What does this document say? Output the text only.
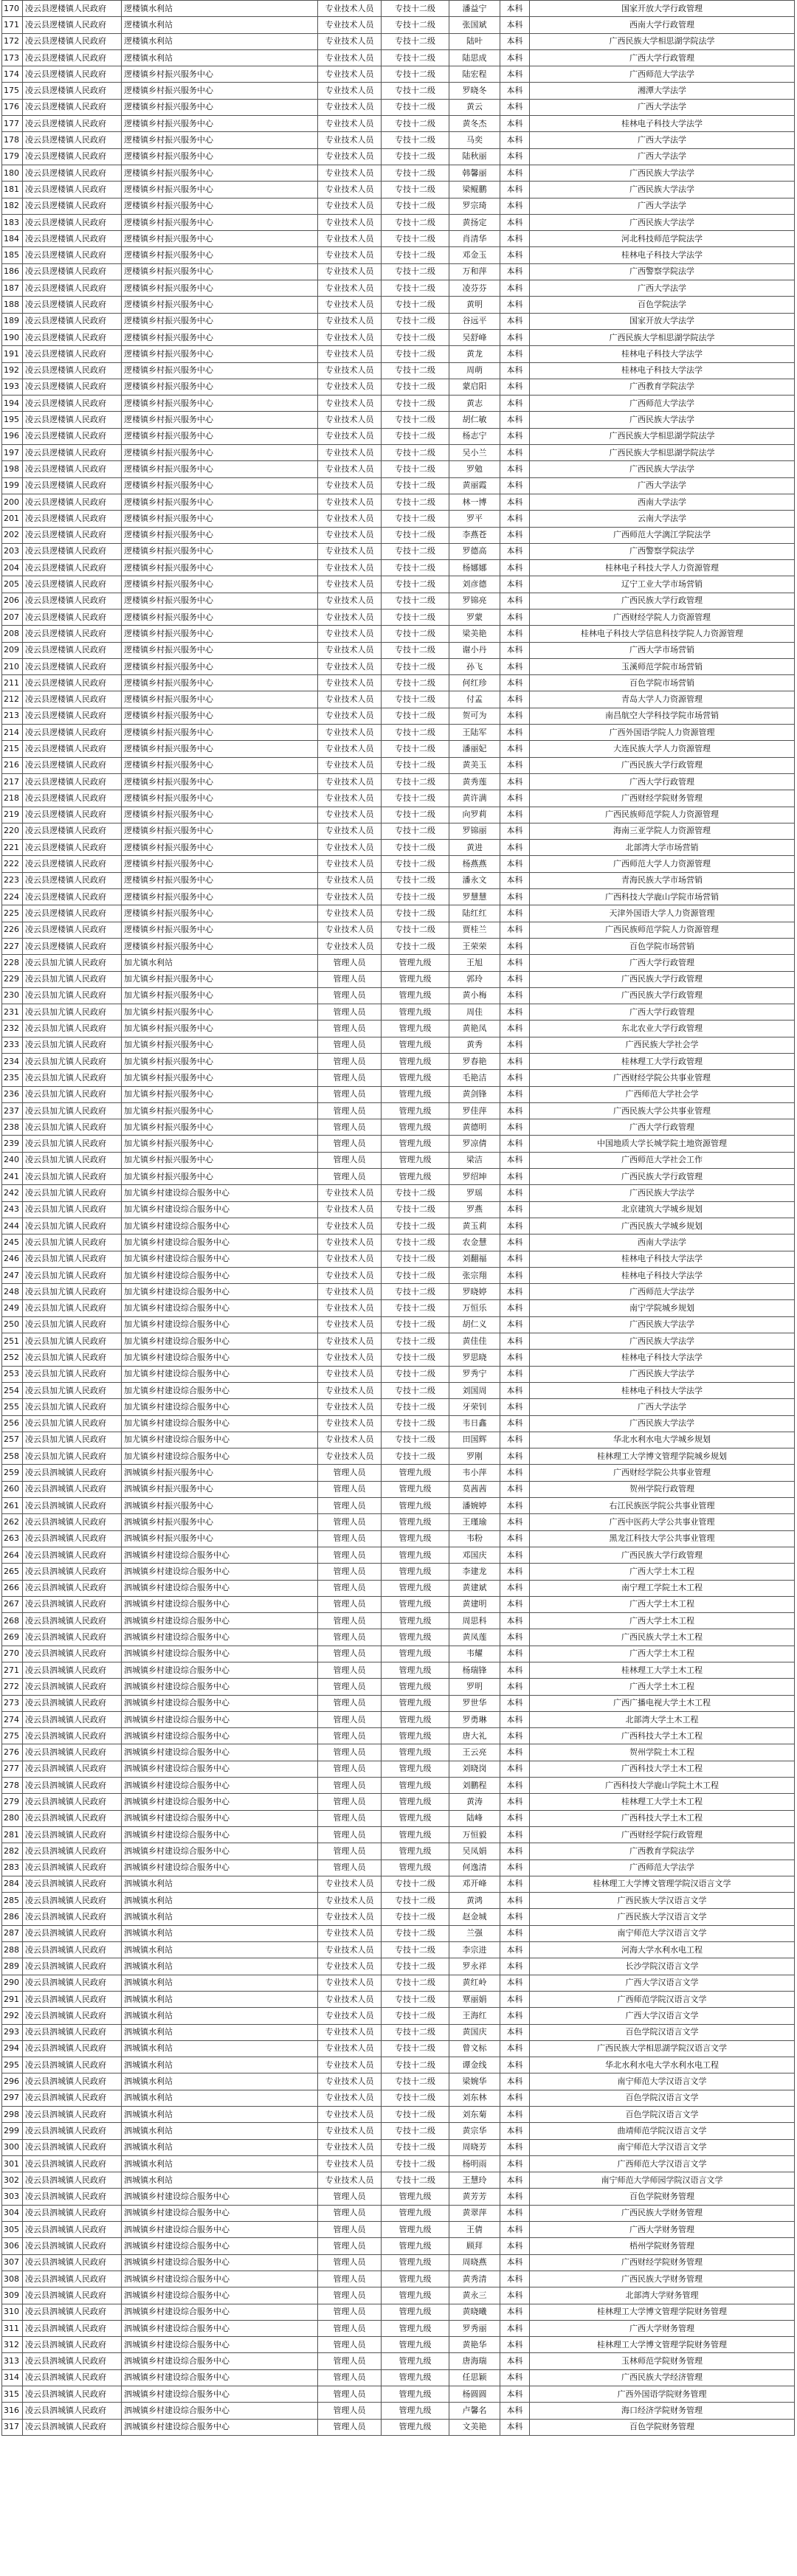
170	凌云县逻楼镇人民政府	逻楼镇水利站	专业技术人员	专技十二级	潘益宁	本科	国家开放大学行政管理
171	凌云县逻楼镇人民政府	逻楼镇水利站	专业技术人员	专技十二级	张国斌	本科	西南大学行政管理
172	凌云县逻楼镇人民政府	逻楼镇水利站	专业技术人员	专技十二级	陆叶	本科	广西民族大学相思湖学院法学
173	凌云县逻楼镇人民政府	逻楼镇水利站	专业技术人员	专技十二级	陆思成	本科	广西大学行政管理
174	凌云县逻楼镇人民政府	逻楼镇乡村振兴服务中心	专业技术人员	专技十二级	陆宏程	本科	广西师范大学法学
175	凌云县逻楼镇人民政府	逻楼镇乡村振兴服务中心	专业技术人员	专技十二级	罗晓冬	本科	湘潭大学法学
176	凌云县逻楼镇人民政府	逻楼镇乡村振兴服务中心	专业技术人员	专技十二级	黄云	本科	广西大学法学
177	凌云县逻楼镇人民政府	逻楼镇乡村振兴服务中心	专业技术人员	专技十二级	黄冬杰	本科	桂林电子科技大学法学
178	凌云县逻楼镇人民政府	逻楼镇乡村振兴服务中心	专业技术人员	专技十二级	马奕	本科	广西大学法学
179	凌云县逻楼镇人民政府	逻楼镇乡村振兴服务中心	专业技术人员	专技十二级	陆秋丽	本科	广西大学法学
180	凌云县逻楼镇人民政府	逻楼镇乡村振兴服务中心	专业技术人员	专技十二级	韩馨丽	本科	广西民族大学法学
181	凌云县逻楼镇人民政府	逻楼镇乡村振兴服务中心	专业技术人员	专技十二级	梁鲲鹏	本科	广西民族大学法学
182	凌云县逻楼镇人民政府	逻楼镇乡村振兴服务中心	专业技术人员	专技十二级	罗宗琦	本科	广西大学法学
183	凌云县逻楼镇人民政府	逻楼镇乡村振兴服务中心	专业技术人员	专技十二级	黄扬定	本科	广西民族大学法学
184	凌云县逻楼镇人民政府	逻楼镇乡村振兴服务中心	专业技术人员	专技十二级	肖清华	本科	河北科技师范学院法学
185	凌云县逻楼镇人民政府	逻楼镇乡村振兴服务中心	专业技术人员	专技十二级	邓金玉	本科	桂林电子科技大学法学
186	凌云县逻楼镇人民政府	逻楼镇乡村振兴服务中心	专业技术人员	专技十二级	万和萍	本科	广西警察学院法学
187	凌云县逻楼镇人民政府	逻楼镇乡村振兴服务中心	专业技术人员	专技十二级	凌芬芬	本科	广西大学法学
188	凌云县逻楼镇人民政府	逻楼镇乡村振兴服务中心	专业技术人员	专技十二级	黄明	本科	百色学院法学
189	凌云县逻楼镇人民政府	逻楼镇乡村振兴服务中心	专业技术人员	专技十二级	谷远平	本科	国家开放大学法学
190	凌云县逻楼镇人民政府	逻楼镇乡村振兴服务中心	专业技术人员	专技十二级	吴舒峰	本科	广西民族大学相思湖学院法学
191	凌云县逻楼镇人民政府	逻楼镇乡村振兴服务中心	专业技术人员	专技十二级	黄龙	本科	桂林电子科技大学法学
192	凌云县逻楼镇人民政府	逻楼镇乡村振兴服务中心	专业技术人员	专技十二级	周萌	本科	桂林电子科技大学法学
193	凌云县逻楼镇人民政府	逻楼镇乡村振兴服务中心	专业技术人员	专技十二级	蒙启阳	本科	广西教育学院法学
194	凌云县逻楼镇人民政府	逻楼镇乡村振兴服务中心	专业技术人员	专技十二级	黄志	本科	广西师范大学法学
195	凌云县逻楼镇人民政府	逻楼镇乡村振兴服务中心	专业技术人员	专技十二级	胡仁敏	本科	广西民族大学法学
196	凌云县逻楼镇人民政府	逻楼镇乡村振兴服务中心	专业技术人员	专技十二级	杨志宁	本科	广西民族大学相思湖学院法学
197	凌云县逻楼镇人民政府	逻楼镇乡村振兴服务中心	专业技术人员	专技十二级	吴小兰	本科	广西民族大学相思湖学院法学
198	凌云县逻楼镇人民政府	逻楼镇乡村振兴服务中心	专业技术人员	专技十二级	罗勉	本科	广西民族大学法学
199	凌云县逻楼镇人民政府	逻楼镇乡村振兴服务中心	专业技术人员	专技十二级	黄丽霞	本科	广西大学法学
200	凌云县逻楼镇人民政府	逻楼镇乡村振兴服务中心	专业技术人员	专技十二级	林一博	本科	西南大学法学
201	凌云县逻楼镇人民政府	逻楼镇乡村振兴服务中心	专业技术人员	专技十二级	罗平	本科	云南大学法学
202	凌云县逻楼镇人民政府	逻楼镇乡村振兴服务中心	专业技术人员	专技十二级	李燕苍	本科	广西师范大学漓江学院法学
203	凌云县逻楼镇人民政府	逻楼镇乡村振兴服务中心	专业技术人员	专技十二级	罗德高	本科	广西警察学院法学
204	凌云县逻楼镇人民政府	逻楼镇乡村振兴服务中心	专业技术人员	专技十二级	杨娜娜	本科	桂林电子科技大学人力资源管理
205	凌云县逻楼镇人民政府	逻楼镇乡村振兴服务中心	专业技术人员	专技十二级	刘彦德	本科	辽宁工业大学市场营销
206	凌云县逻楼镇人民政府	逻楼镇乡村振兴服务中心	专业技术人员	专技十二级	罗锦亮	本科	广西民族大学行政管理
207	凌云县逻楼镇人民政府	逻楼镇乡村振兴服务中心	专业技术人员	专技十二级	罗蒙	本科	广西财经学院人力资源管理
208	凌云县逻楼镇人民政府	逻楼镇乡村振兴服务中心	专业技术人员	专技十二级	梁美艳	本科	桂林电子科技大学信息科技学院人力资源管理
209	凌云县逻楼镇人民政府	逻楼镇乡村振兴服务中心	专业技术人员	专技十二级	谢小丹	本科	广西大学市场营销
210	凌云县逻楼镇人民政府	逻楼镇乡村振兴服务中心	专业技术人员	专技十二级	孙飞	本科	玉溪师范学院市场营销
211	凌云县逻楼镇人民政府	逻楼镇乡村振兴服务中心	专业技术人员	专技十二级	何红珍	本科	百色学院市场营销
212	凌云县逻楼镇人民政府	逻楼镇乡村振兴服务中心	专业技术人员	专技十二级	付孟	本科	青岛大学人力资源管理
213	凌云县逻楼镇人民政府	逻楼镇乡村振兴服务中心	专业技术人员	专技十二级	贺可为	本科	南昌航空大学科技学院市场营销
214	凌云县逻楼镇人民政府	逻楼镇乡村振兴服务中心	专业技术人员	专技十二级	王陆军	本科	广西外国语学院人力资源管理
215	凌云县逻楼镇人民政府	逻楼镇乡村振兴服务中心	专业技术人员	专技十二级	潘丽妃	本科	大连民族大学人力资源管理
216	凌云县逻楼镇人民政府	逻楼镇乡村振兴服务中心	专业技术人员	专技十二级	黄美玉	本科	广西民族大学行政管理
217	凌云县逻楼镇人民政府	逻楼镇乡村振兴服务中心	专业技术人员	专技十二级	黄秀莲	本科	广西大学行政管理
218	凌云县逻楼镇人民政府	逻楼镇乡村振兴服务中心	专业技术人员	专技十二级	黄许满	本科	广西财经学院财务管理
219	凌云县逻楼镇人民政府	逻楼镇乡村振兴服务中心	专业技术人员	专技十二级	向罗莉	本科	广西民族师范学院人力资源管理
220	凌云县逻楼镇人民政府	逻楼镇乡村振兴服务中心	专业技术人员	专技十二级	罗锦丽	本科	海南三亚学院人力资源管理
221	凌云县逻楼镇人民政府	逻楼镇乡村振兴服务中心	专业技术人员	专技十二级	黄进	本科	北部湾大学市场营销
222	凌云县逻楼镇人民政府	逻楼镇乡村振兴服务中心	专业技术人员	专技十二级	杨燕燕	本科	广西师范大学人力资源管理
223	凌云县逻楼镇人民政府	逻楼镇乡村振兴服务中心	专业技术人员	专技十二级	潘永文	本科	青海民族大学市场营销
224	凌云县逻楼镇人民政府	逻楼镇乡村振兴服务中心	专业技术人员	专技十二级	罗慧慧	本科	广西科技大学鹿山学院市场营销
225	凌云县逻楼镇人民政府	逻楼镇乡村振兴服务中心	专业技术人员	专技十二级	陆红红	本科	天津外国语大学人力资源管理
226	凌云县逻楼镇人民政府	逻楼镇乡村振兴服务中心	专业技术人员	专技十二级	贾桂兰	本科	广西民族师范学院人力资源管理
227	凌云县逻楼镇人民政府	逻楼镇乡村振兴服务中心	专业技术人员	专技十二级	王荣荣	本科	百色学院市场营销
228	凌云县加尤镇人民政府	加尤镇水利站	管理人员	管理九级	王旭	本科	广西大学行政管理
229	凌云县加尤镇人民政府	加尤镇乡村振兴服务中心	管理人员	管理九级	郭玲	本科	广西民族大学行政管理
230	凌云县加尤镇人民政府	加尤镇乡村振兴服务中心	管理人员	管理九级	黄小梅	本科	广西民族大学行政管理
231	凌云县加尤镇人民政府	加尤镇乡村振兴服务中心	管理人员	管理九级	周佳	本科	广西大学行政管理
232	凌云县加尤镇人民政府	加尤镇乡村振兴服务中心	管理人员	管理九级	黄艳凤	本科	东北农业大学行政管理
233	凌云县加尤镇人民政府	加尤镇乡村振兴服务中心	管理人员	管理九级	黄秀	本科	广西民族大学社会学
234	凌云县加尤镇人民政府	加尤镇乡村振兴服务中心	管理人员	管理九级	罗春艳	本科	桂林理工大学行政管理
235	凌云县加尤镇人民政府	加尤镇乡村振兴服务中心	管理人员	管理九级	毛艳洁	本科	广西财经学院公共事业管理
236	凌云县加尤镇人民政府	加尤镇乡村振兴服务中心	管理人员	管理九级	黄剑锋	本科	广西师范大学社会学
237	凌云县加尤镇人民政府	加尤镇乡村振兴服务中心	管理人员	管理九级	罗佳萍	本科	广西民族大学公共事业管理
238	凌云县加尤镇人民政府	加尤镇乡村振兴服务中心	管理人员	管理九级	黄德明	本科	广西大学行政管理
239	凌云县加尤镇人民政府	加尤镇乡村振兴服务中心	管理人员	管理九级	罗凉倩	本科	中国地质大学长城学院土地资源管理
240	凌云县加尤镇人民政府	加尤镇乡村振兴服务中心	管理人员	管理九级	梁洁	本科	广西师范大学社会工作
241	凌云县加尤镇人民政府	加尤镇乡村振兴服务中心	管理人员	管理九级	罗绍坤	本科	广西民族大学行政管理
242	凌云县加尤镇人民政府	加尤镇乡村建设综合服务中心	专业技术人员	专技十二级	罗瑶	本科	广西民族大学法学
243	凌云县加尤镇人民政府	加尤镇乡村建设综合服务中心	专业技术人员	专技十二级	罗燕	本科	北京建筑大学城乡规划
244	凌云县加尤镇人民政府	加尤镇乡村建设综合服务中心	专业技术人员	专技十二级	黄玉莉	本科	广西民族大学城乡规划
245	凌云县加尤镇人民政府	加尤镇乡村建设综合服务中心	专业技术人员	专技十二级	农金慧	本科	西南大学法学
246	凌云县加尤镇人民政府	加尤镇乡村建设综合服务中心	专业技术人员	专技十二级	刘翻福	本科	桂林电子科技大学法学
247	凌云县加尤镇人民政府	加尤镇乡村建设综合服务中心	专业技术人员	专技十二级	张宗翔	本科	桂林电子科技大学法学
248	凌云县加尤镇人民政府	加尤镇乡村建设综合服务中心	专业技术人员	专技十二级	罗晓婷	本科	广西师范大学法学
249	凌云县加尤镇人民政府	加尤镇乡村建设综合服务中心	专业技术人员	专技十二级	万恒乐	本科	南宁学院城乡规划
250	凌云县加尤镇人民政府	加尤镇乡村建设综合服务中心	专业技术人员	专技十二级	胡仁义	本科	广西民族大学法学
251	凌云县加尤镇人民政府	加尤镇乡村建设综合服务中心	专业技术人员	专技十二级	黄佳佳	本科	广西民族大学法学
252	凌云县加尤镇人民政府	加尤镇乡村建设综合服务中心	专业技术人员	专技十二级	罗思晓	本科	桂林电子科技大学法学
253	凌云县加尤镇人民政府	加尤镇乡村建设综合服务中心	专业技术人员	专技十二级	罗秀宁	本科	广西民族大学法学
254	凌云县加尤镇人民政府	加尤镇乡村建设综合服务中心	专业技术人员	专技十二级	刘国周	本科	桂林电子科技大学法学
255	凌云县加尤镇人民政府	加尤镇乡村建设综合服务中心	专业技术人员	专技十二级	牙荣钊	本科	广西大学法学
256	凌云县加尤镇人民政府	加尤镇乡村建设综合服务中心	专业技术人员	专技十二级	韦日鑫	本科	广西民族大学法学
257	凌云县加尤镇人民政府	加尤镇乡村建设综合服务中心	专业技术人员	专技十二级	田国辉	本科	华北水利水电大学城乡规划
258	凌云县加尤镇人民政府	加尤镇乡村建设综合服务中心	专业技术人员	专技十二级	罗刚	本科	桂林理工大学博文管理学院城乡规划
259	凌云县泗城镇人民政府	泗城镇乡村振兴服务中心	管理人员	管理九级	韦小萍	本科	广西财经学院公共事业管理
260	凌云县泗城镇人民政府	泗城镇乡村振兴服务中心	管理人员	管理九级	莫茜茜	本科	贺州学院行政管理
261	凌云县泗城镇人民政府	泗城镇乡村振兴服务中心	管理人员	管理九级	潘婉婷	本科	右江民族医学院公共事业管理
262	凌云县泗城镇人民政府	泗城镇乡村振兴服务中心	管理人员	管理九级	王瑾瑜	本科	广西中医药大学公共事业管理
263	凌云县泗城镇人民政府	泗城镇乡村振兴服务中心	管理人员	管理九级	韦粉	本科	黑龙江科技大学公共事业管理
264	凌云县泗城镇人民政府	泗城镇乡村建设综合服务中心	管理人员	管理九级	邓国庆	本科	广西民族大学行政管理
265	凌云县泗城镇人民政府	泗城镇乡村建设综合服务中心	管理人员	管理九级	李建龙	本科	广西大学土木工程
266	凌云县泗城镇人民政府	泗城镇乡村建设综合服务中心	管理人员	管理九级	黄建斌	本科	南宁理工学院土木工程
267	凌云县泗城镇人民政府	泗城镇乡村建设综合服务中心	管理人员	管理九级	黄建明	本科	广西大学土木工程
268	凌云县泗城镇人民政府	泗城镇乡村建设综合服务中心	管理人员	管理九级	周思科	本科	广西大学土木工程
269	凌云县泗城镇人民政府	泗城镇乡村建设综合服务中心	管理人员	管理九级	黄凤莲	本科	广西民族大学土木工程
270	凌云县泗城镇人民政府	泗城镇乡村建设综合服务中心	管理人员	管理九级	韦耀	本科	广西大学土木工程
271	凌云县泗城镇人民政府	泗城镇乡村建设综合服务中心	管理人员	管理九级	杨瑞锋	本科	桂林理工大学土木工程
272	凌云县泗城镇人民政府	泗城镇乡村建设综合服务中心	管理人员	管理九级	罗明	本科	广西大学土木工程
273	凌云县泗城镇人民政府	泗城镇乡村建设综合服务中心	管理人员	管理九级	罗世华	本科	广西广播电视大学土木工程
274	凌云县泗城镇人民政府	泗城镇乡村建设综合服务中心	管理人员	管理九级	罗勇琳	本科	北部湾大学土木工程
275	凌云县泗城镇人民政府	泗城镇乡村建设综合服务中心	管理人员	管理九级	唐大礼	本科	广西科技大学土木工程
276	凌云县泗城镇人民政府	泗城镇乡村建设综合服务中心	管理人员	管理九级	王云亮	本科	贺州学院土木工程
277	凌云县泗城镇人民政府	泗城镇乡村建设综合服务中心	管理人员	管理九级	刘晓岗	本科	广西科技大学土木工程
278	凌云县泗城镇人民政府	泗城镇乡村建设综合服务中心	管理人员	管理九级	刘鹏程	本科	广西科技大学鹿山学院土木工程
279	凌云县泗城镇人民政府	泗城镇乡村建设综合服务中心	管理人员	管理九级	黄涛	本科	桂林理工大学土木工程
280	凌云县泗城镇人民政府	泗城镇乡村建设综合服务中心	管理人员	管理九级	陆峰	本科	广西科技大学土木工程
281	凌云县泗城镇人民政府	泗城镇乡村建设综合服务中心	管理人员	管理九级	万恒毅	本科	广西财经学院行政管理
282	凌云县泗城镇人民政府	泗城镇乡村建设综合服务中心	管理人员	管理九级	吴凤娟	本科	广西教育学院法学
283	凌云县泗城镇人民政府	泗城镇乡村建设综合服务中心	管理人员	管理九级	何逸清	本科	广西师范大学法学
284	凌云县泗城镇人民政府	泗城镇水利站	专业技术人员	专技十二级	邓开峰	本科	桂林理工大学博文管理学院汉语言文学
285	凌云县泗城镇人民政府	泗城镇水利站	专业技术人员	专技十二级	黄鸿	本科	广西民族大学汉语言文学
286	凌云县泗城镇人民政府	泗城镇水利站	专业技术人员	专技十二级	赵金城	本科	广西民族大学汉语言文学
287	凌云县泗城镇人民政府	泗城镇水利站	专业技术人员	专技十二级	兰强	本科	南宁师范大学汉语言文学
288	凌云县泗城镇人民政府	泗城镇水利站	专业技术人员	专技十二级	李宗进	本科	河海大学水利水电工程
289	凌云县泗城镇人民政府	泗城镇水利站	专业技术人员	专技十二级	罗永祥	本科	长沙学院汉语言文学
290	凌云县泗城镇人民政府	泗城镇水利站	专业技术人员	专技十二级	黄红岭	本科	广西大学汉语言文学
291	凌云县泗城镇人民政府	泗城镇水利站	专业技术人员	专技十二级	覃丽娟	本科	广西师范学院汉语言文学
292	凌云县泗城镇人民政府	泗城镇水利站	专业技术人员	专技十二级	王海红	本科	广西大学汉语言文学
293	凌云县泗城镇人民政府	泗城镇水利站	专业技术人员	专技十二级	黄国庆	本科	百色学院汉语言文学
294	凌云县泗城镇人民政府	泗城镇水利站	专业技术人员	专技十二级	曾文标	本科	广西民族大学相思湖学院汉语言文学
295	凌云县泗城镇人民政府	泗城镇水利站	专业技术人员	专技十二级	谭金线	本科	华北水利水电大学水利水电工程
296	凌云县泗城镇人民政府	泗城镇水利站	专业技术人员	专技十二级	梁婉华	本科	南宁师范大学汉语言文学
297	凌云县泗城镇人民政府	泗城镇水利站	专业技术人员	专技十二级	刘东林	本科	百色学院汉语言文学
298	凌云县泗城镇人民政府	泗城镇水利站	专业技术人员	专技十二级	刘东菊	本科	百色学院汉语言文学
299	凌云县泗城镇人民政府	泗城镇水利站	专业技术人员	专技十二级	黄宗华	本科	曲靖师范学院汉语言文学
300	凌云县泗城镇人民政府	泗城镇水利站	专业技术人员	专技十二级	周晓芳	本科	南宁师范大学汉语言文学
301	凌云县泗城镇人民政府	泗城镇水利站	专业技术人员	专技十二级	杨明雨	本科	广西师范大学汉语言文学
302	凌云县泗城镇人民政府	泗城镇水利站	专业技术人员	专技十二级	王慧玲	本科	南宁师范大学师园学院汉语言文学
303	凌云县泗城镇人民政府	泗城镇乡村建设综合服务中心	管理人员	管理九级	黄芳芳	本科	百色学院财务管理
304	凌云县泗城镇人民政府	泗城镇乡村建设综合服务中心	管理人员	管理九级	黄翠萍	本科	广西民族大学财务管理
305	凌云县泗城镇人民政府	泗城镇乡村建设综合服务中心	管理人员	管理九级	王倩	本科	广西大学财务管理
306	凌云县泗城镇人民政府	泗城镇乡村建设综合服务中心	管理人员	管理九级	顾拜	本科	梧州学院财务管理
307	凌云县泗城镇人民政府	泗城镇乡村建设综合服务中心	管理人员	管理九级	周晓燕	本科	广西财经学院财务管理
308	凌云县泗城镇人民政府	泗城镇乡村建设综合服务中心	管理人员	管理九级	黄秀清	本科	广西民族大学财务管理
309	凌云县泗城镇人民政府	泗城镇乡村建设综合服务中心	管理人员	管理九级	黄永三	本科	北部湾大学财务管理
310	凌云县泗城镇人民政府	泗城镇乡村建设综合服务中心	管理人员	管理九级	黄晓曦	本科	桂林理工大学博文管理学院财务管理
311	凌云县泗城镇人民政府	泗城镇乡村建设综合服务中心	管理人员	管理九级	罗秀丽	本科	广西大学财务管理
312	凌云县泗城镇人民政府	泗城镇乡村建设综合服务中心	管理人员	管理九级	黄艳华	本科	桂林理工大学博文管理学院财务管理
313	凌云县泗城镇人民政府	泗城镇乡村建设综合服务中心	管理人员	管理九级	唐海瑞	本科	玉林师范学院财务管理
314	凌云县泗城镇人民政府	泗城镇乡村建设综合服务中心	管理人员	管理九级	任思颖	本科	广西民族大学经济管理
315	凌云县泗城镇人民政府	泗城镇乡村建设综合服务中心	管理人员	管理九级	杨圆圆	本科	广西外国语学院财务管理
316	凌云县泗城镇人民政府	泗城镇乡村建设综合服务中心	管理人员	管理九级	卢馨名	本科	海口经济学院财务管理
317	凌云县泗城镇人民政府	泗城镇乡村建设综合服务中心	管理人员	管理九级	文美艳	本科	百色学院财务管理
